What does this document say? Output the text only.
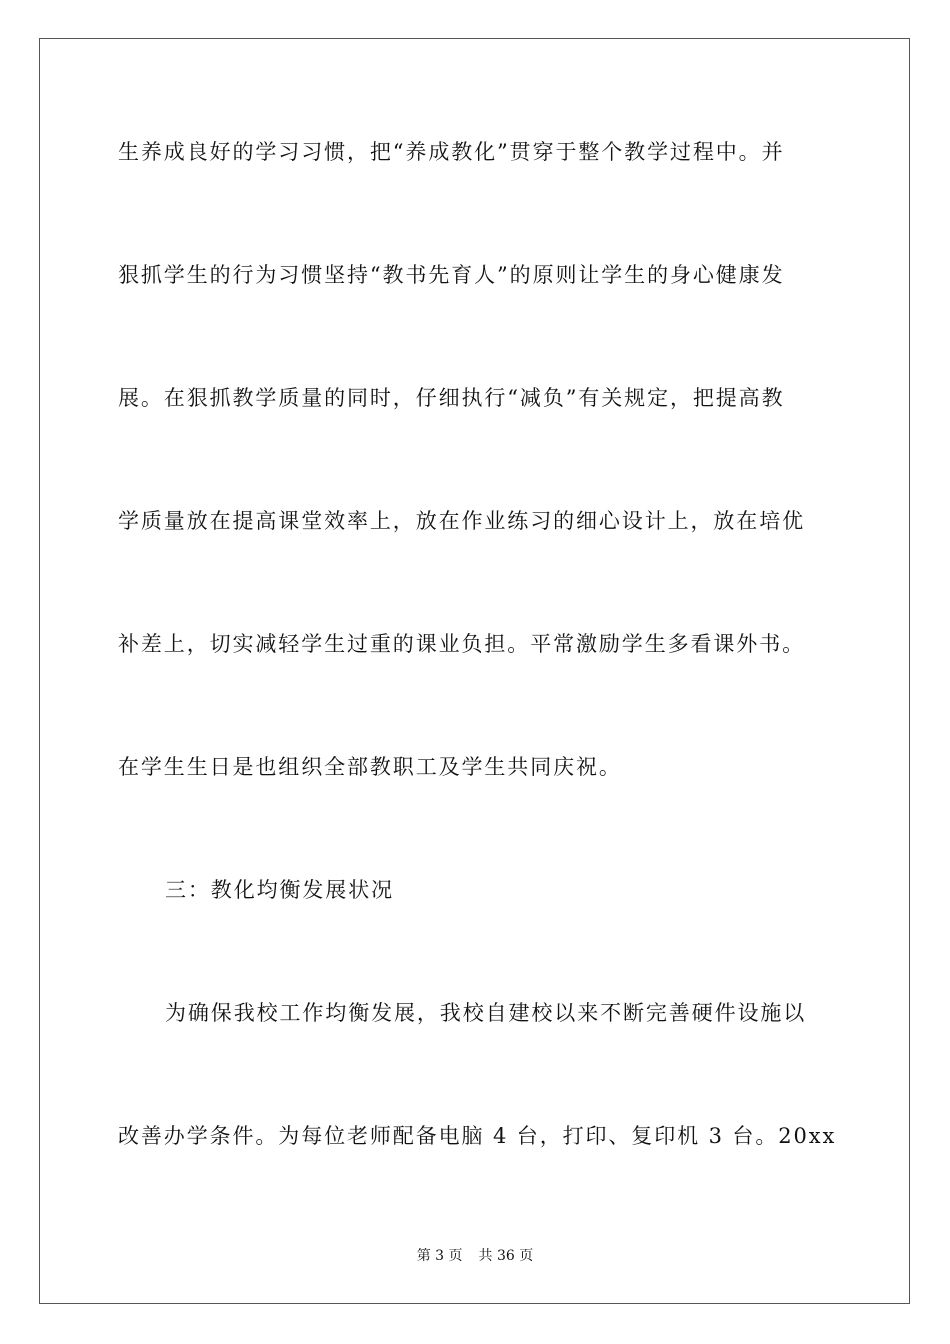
生养成良好的学习习惯，把“养成教化”贯穿于整个教学过程中。并

狠抓学生的行为习惯坚持“教书先育人”的原则让学生的身心健康发

展。在狠抓教学质量的同时，仔细执行“减负”有关规定，把提高教

学质量放在提高课堂效率上，放在作业练习的细心设计上，放在培优

补差上，切实减轻学生过重的课业负担。平常激励学生多看课外书。

在学生生日是也组织全部教职工及学生共同庆祝。

三：教化均衡发展状况

为确保我校工作均衡发展，我校自建校以来不断完善硬件设施以

改善办学条件。为每位老师配备电脑 4 台，打印、复印机 3 台。20xx

第 3 页 共 36 页
